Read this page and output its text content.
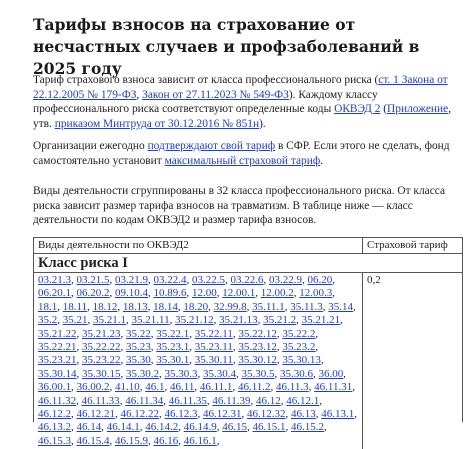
Тарифы взносов на страхование от несчастных случаев и профзаболеваний в 2025 году

Тариф страхового взноса зависит от класса профессионального риска (ст. 1 Закона от 22.12.2005 № 179-ФЗ, Закон от 27.11.2023 № 549-ФЗ). Каждому классу профессионального риска соответствуют определенные коды ОКВЭД 2 (Приложение, утв. приказом Минтруда от 30.12.2016 № 851н).

Организации ежегодно подтверждают свой тариф в СФР. Если этого не сделать, фонд самостоятельно установит максимальный страховой тариф.

Виды деятельности сгруппированы в 32 класса профессионального риска. От класса риска зависит размер тарифа взносов на травматизм. В таблице ниже — класс деятельности по кодам ОКВЭД2 и размер тарифа взносов.

Виды деятельности по ОКВЭД2	Страховой тариф
Класс риска I	
03.21.3, 03.21.5, 03.21.9, 03.22.4, 03.22.5, 03.22.6, 03.22.9, 06.20, 06.20.1, 06.20.2, 09.10.4, 10.89.6, 12.00, 12.00.1, 12.00.2, 12.00.3, 18.1, 18.11, 18.12, 18.13, 18.14, 18.20, 32.99.8, 35.11.1, 35.11.3, 35.14, 35.2, 35.21, 35.21.1, 35.21.11, 35.21.12, 35.21.13, 35.21.2, 35.21.21, 35.21.22, 35.21.23, 35.22, 35.22.1, 35.22.11, 35.22.12, 35.22.2, 35.22.21, 35.22.22, 35.23, 35.23.1, 35.23.11, 35.23.12, 35.23.2, 35.23.21, 35.23.22, 35.30, 35.30.1, 35.30.11, 35.30.12, 35.30.13, 35.30.14, 35.30.15, 35.30.2, 35.30.3, 35.30.4, 35.30.5, 35.30.6, 36.00, 36.00.1, 36.00.2, 41.10, 46.1, 46.11, 46.11.1, 46.11.2, 46.11.3, 46.11.31, 46.11.32, 46.11.33, 46.11.34, 46.11.35, 46.11.39, 46.12, 46.12.1, 46.12.2, 46.12.21, 46.12.22, 46.12.3, 46.12.31, 46.12.32, 46.13, 46.13.1, 46.13.2, 46.14, 46.14.1, 46.14.2, 46.14.9, 46.15, 46.15.1, 46.15.2, 46.15.3, 46.15.4, 46.15.9, 46.16, 46.16.1,	0,2
